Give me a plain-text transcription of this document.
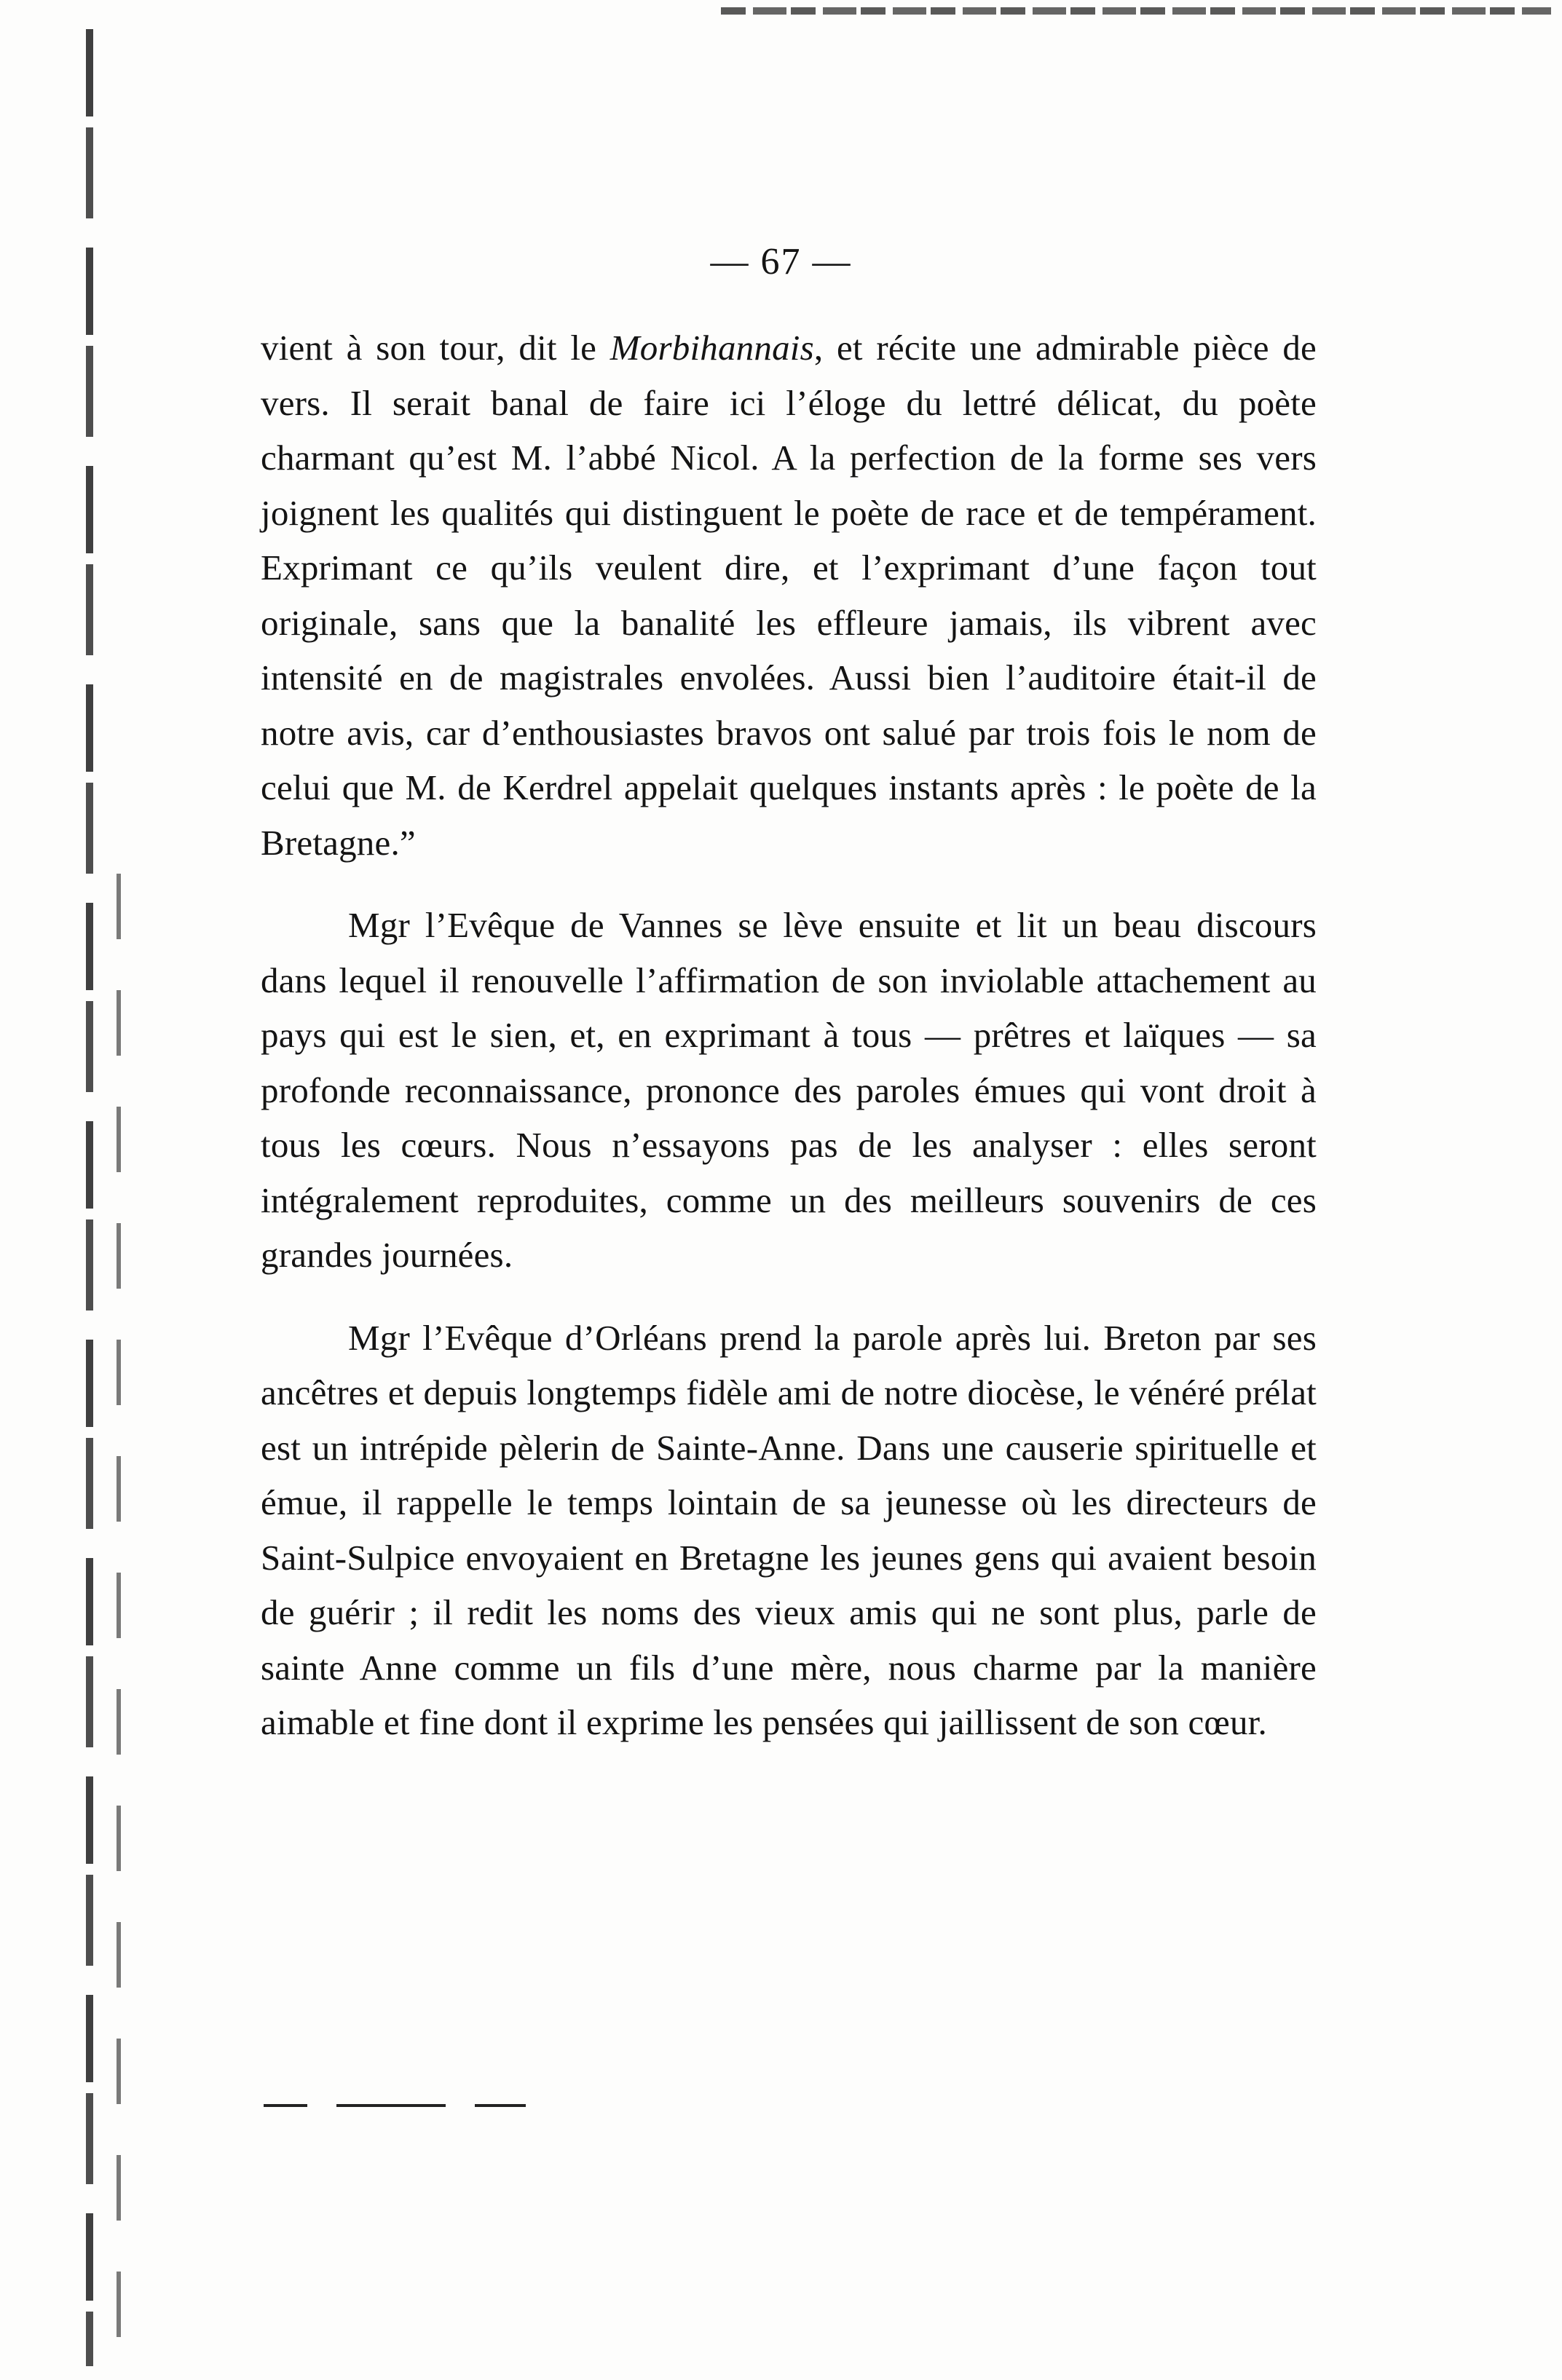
— 67 —

vient à son tour, dit le Morbihannais, et récite une admirable pièce de vers. Il serait banal de faire ici l’éloge du lettré délicat, du poète charmant qu’est M. l’abbé Nicol. A la perfection de la forme ses vers joignent les qualités qui distinguent le poète de race et de tempérament. Exprimant ce qu’ils veulent dire, et l’exprimant d’une façon tout originale, sans que la banalité les effleure jamais, ils vibrent avec intensité en de magistrales envolées. Aussi bien l’auditoire était-il de notre avis, car d’enthousiastes bravos ont salué par trois fois le nom de celui que M. de Kerdrel appelait quelques instants après : le poète de la Bretagne.”

Mgr l’Evêque de Vannes se lève ensuite et lit un beau discours dans lequel il renouvelle l’affirmation de son inviolable attachement au pays qui est le sien, et, en exprimant à tous — prêtres et laïques — sa profonde reconnaissance, prononce des paroles émues qui vont droit à tous les cœurs. Nous n’essayons pas de les analyser : elles seront intégralement reproduites, comme un des meilleurs souvenirs de ces grandes journées.

Mgr l’Evêque d’Orléans prend la parole après lui. Breton par ses ancêtres et depuis longtemps fidèle ami de notre diocèse, le vénéré prélat est un intrépide pèlerin de Sainte-Anne. Dans une causerie spirituelle et émue, il rappelle le temps lointain de sa jeunesse où les directeurs de Saint-Sulpice envoyaient en Bretagne les jeunes gens qui avaient besoin de guérir ; il redit les noms des vieux amis qui ne sont plus, parle de sainte Anne comme un fils d’une mère, nous charme par la manière aimable et fine dont il exprime les pensées qui jaillissent de son cœur.
